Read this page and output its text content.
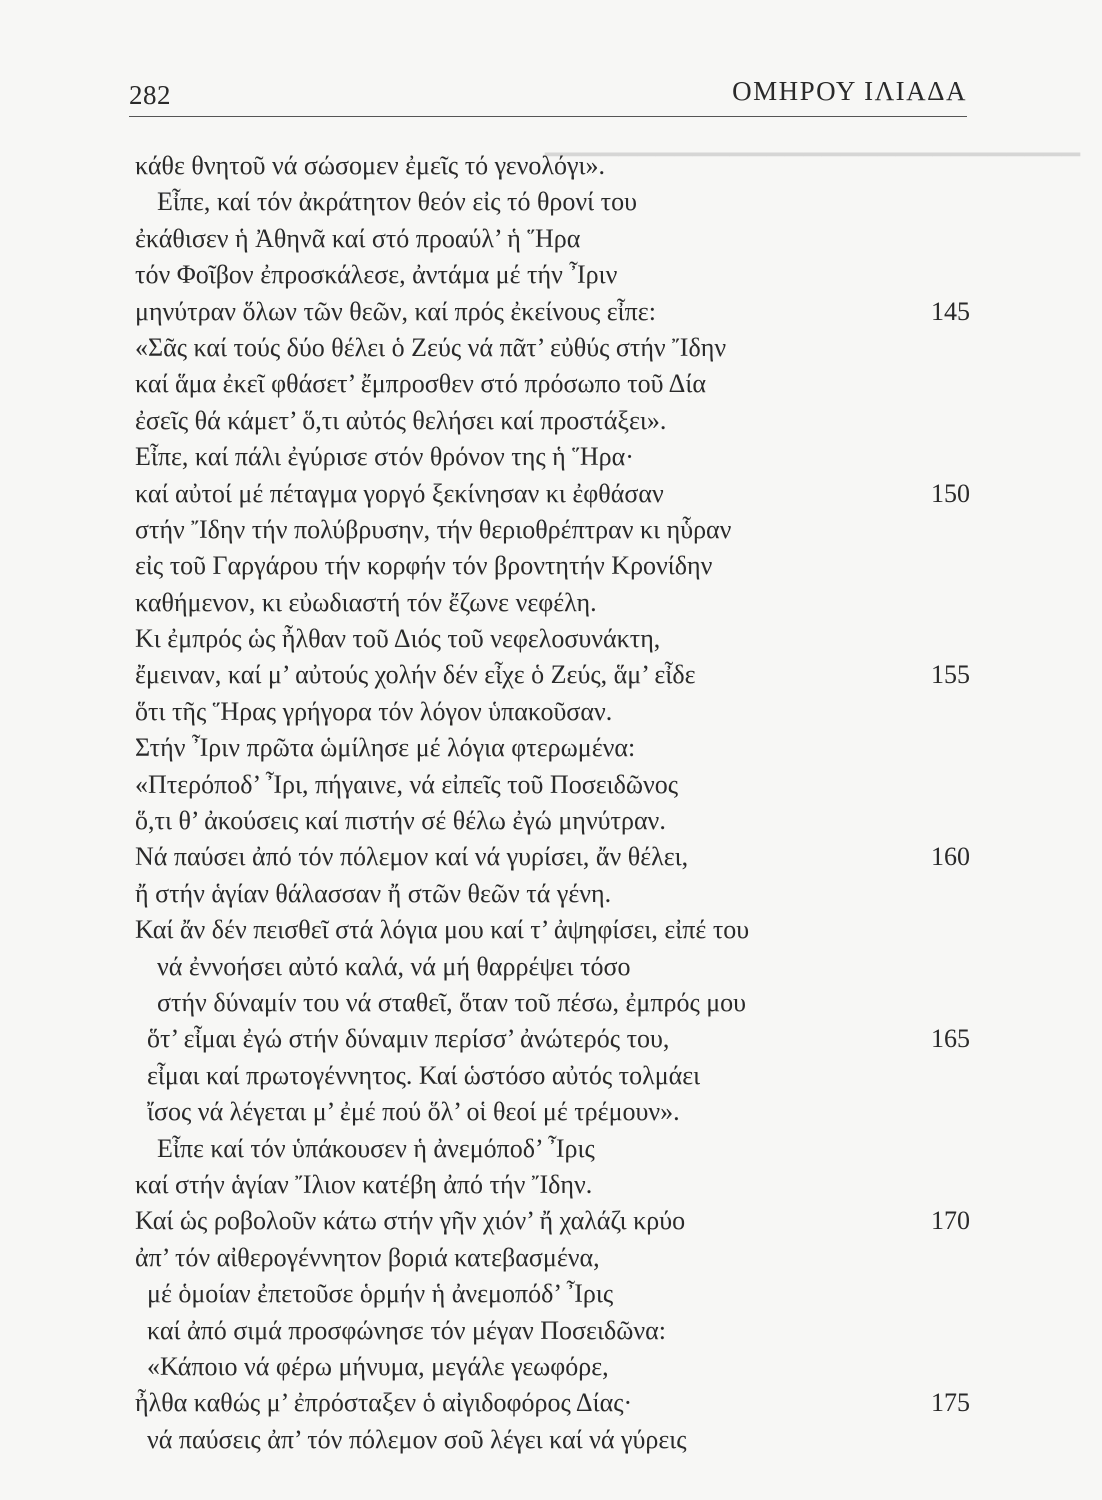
▔▔▔▔▔▔▔▔▔▔▔▔▔▔▔▔▔▔▔▔▔▔▔▔▔▔▔▔▔
282	ΟΜΗΡΟΥ ΙΛΙΑΔΑ
κάθε θνητοῦ νά σώσομεν ἐμεῖς τό γενολόγι».
Εἶπε, καί τόν ἀκράτητον θεόν εἰς τό θρονί του
ἐκάθισεν ἡ Ἀθηνᾶ καί στό προαύλ’ ἡ Ἥρα
τόν Φοῖβον ἐπροσκάλεσε, ἀντάμα μέ τήν Ἶριν
μηνύτραν ὅλων τῶν θεῶν, καί πρός ἐκείνους εἶπε:	145
«Σᾶς καί τούς δύο θέλει ὁ Ζεύς νά πᾶτ’ εὐθύς στήν Ἴδην
καί ἅμα ἐκεῖ φθάσετ’ ἔμπροσθεν στό πρόσωπο τοῦ Δία
ἐσεῖς θά κάμετ’ ὅ,τι αὐτός θελήσει καί προστάξει».
Εἶπε, καί πάλι ἐγύρισε στόν θρόνον της ἡ Ἥρα·
καί αὐτοί μέ πέταγμα γοργό ξεκίνησαν κι ἐφθάσαν	150
στήν Ἴδην τήν πολύβρυσην, τήν θεριοθρέπτραν κι ηὗραν
εἰς τοῦ Γαργάρου τήν κορφήν τόν βροντητήν Κρονίδην
καθήμενον, κι εὐωδιαστή τόν ἔζωνε νεφέλη.
Κι ἐμπρός ὡς ἦλθαν τοῦ Διός τοῦ νεφελοσυνάκτη,
ἔμειναν, καί μ’ αὐτούς χολήν δέν εἶχε ὁ Ζεύς, ἅμ’ εἶδε	155
ὅτι τῆς Ἥρας γρήγορα τόν λόγον ὑπακοῦσαν.
Στήν Ἶριν πρῶτα ὡμίλησε μέ λόγια φτερωμένα:
«Πτερόποδ’ Ἶρι, πήγαινε, νά εἰπεῖς τοῦ Ποσειδῶνος
ὅ,τι θ’ ἀκούσεις καί πιστήν σέ θέλω ἐγώ μηνύτραν.
Νά παύσει ἀπό τόν πόλεμον καί νά γυρίσει, ἄν θέλει,	160
ἤ στήν ἁγίαν θάλασσαν ἤ στῶν θεῶν τά γένη.
Καί ἄν δέν πεισθεῖ στά λόγια μου καί τ’ ἀψηφίσει, εἰπέ του
νά ἐννοήσει αὐτό καλά, νά μή θαρρέψει τόσο
στήν δύναμίν του νά σταθεῖ, ὅταν τοῦ πέσω, ἐμπρός μου
ὅτ’ εἶμαι ἐγώ στήν δύναμιν περίσσ’ ἀνώτερός του,	165
εἶμαι καί πρωτογέννητος. Καί ὡστόσο αὐτός τολμάει
ἴσος νά λέγεται μ’ ἐμέ πού ὅλ’ οἱ θεοί μέ τρέμουν».
Εἶπε καί τόν ὑπάκουσεν ἡ ἀνεμόποδ’ Ἶρις
καί στήν ἁγίαν Ἴλιον κατέβη ἀπό τήν Ἴδην.
Καί ὡς ροβολοῦν κάτω στήν γῆν χιόν’ ἤ χαλάζι κρύο	170
ἀπ’ τόν αἰθερογέννητον βοριά κατεβασμένα,
μέ ὁμοίαν ἐπετοῦσε ὁρμήν ἡ ἀνεμοπόδ’ Ἶρις
καί ἀπό σιμά προσφώνησε τόν μέγαν Ποσειδῶνα:
«Κάποιο νά φέρω μήνυμα, μεγάλε γεωφόρε,
ἦλθα καθώς μ’ ἐπρόσταξεν ὁ αἰγιδοφόρος Δίας·	175
νά παύσεις ἀπ’ τόν πόλεμον σοῦ λέγει καί νά γύρεις
